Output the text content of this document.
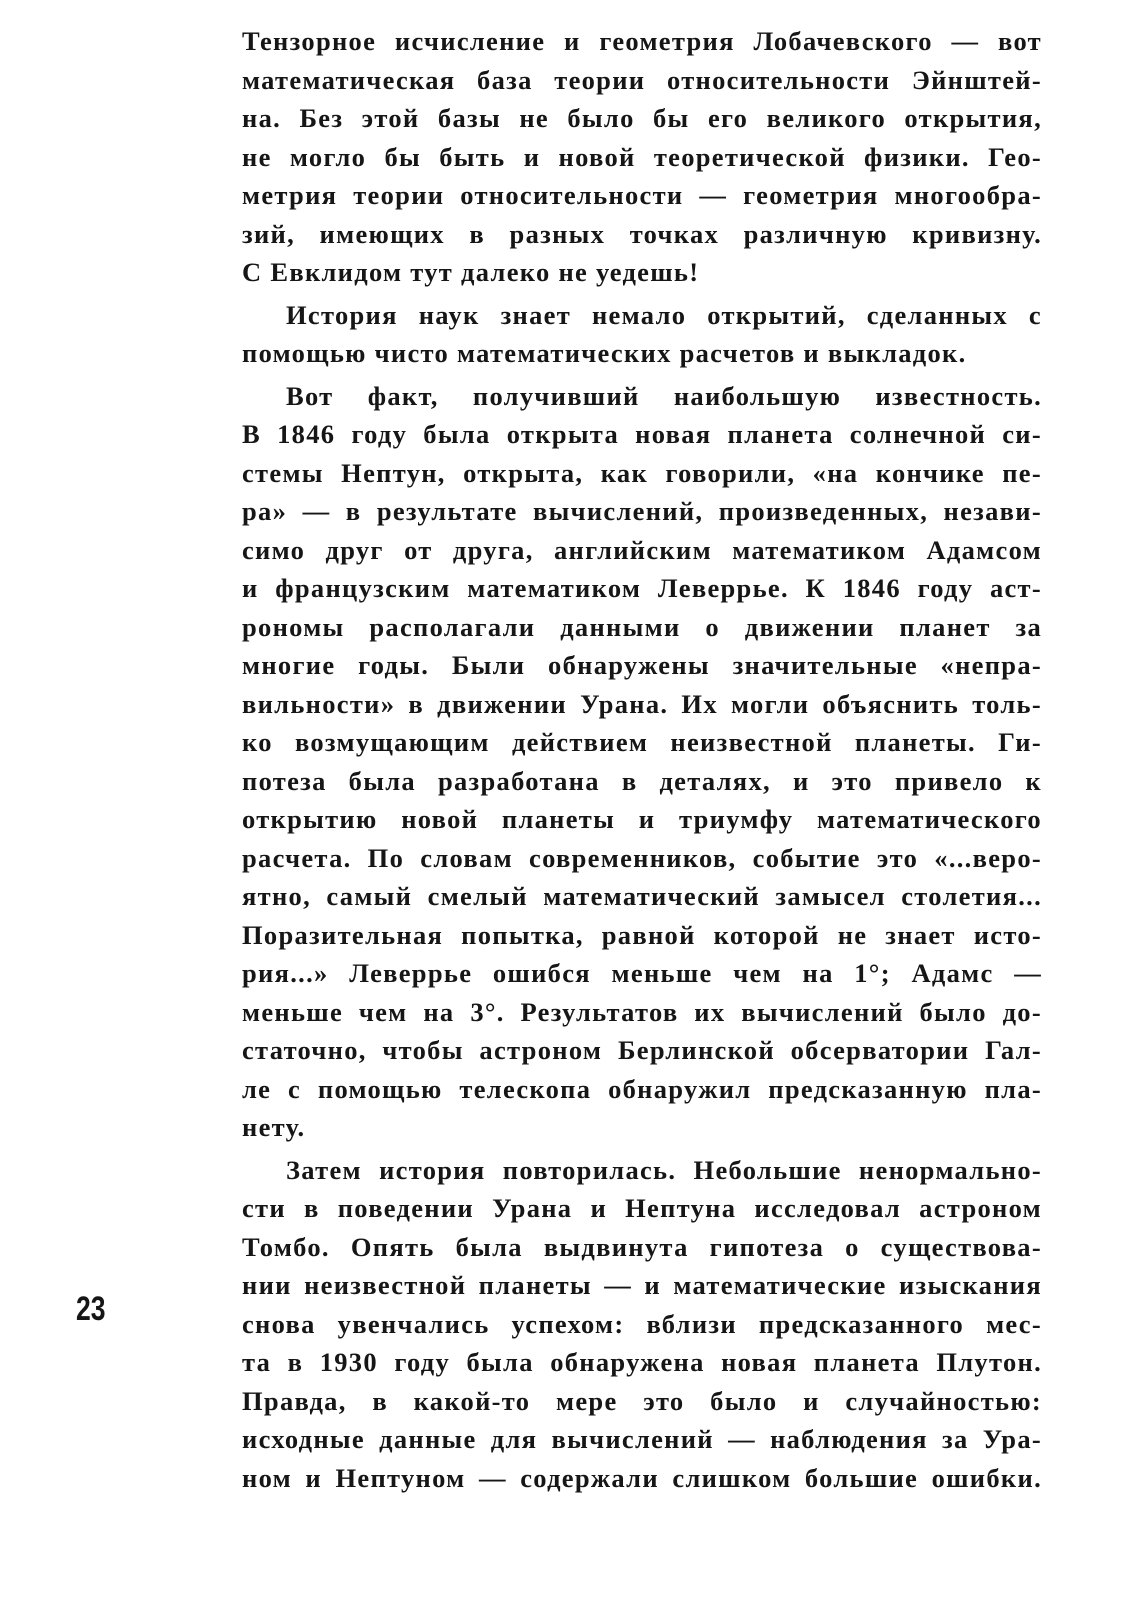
Тензорное исчисление и геометрия Лобачевского — вот
математическая база теории относительности Эйнштей-
на. Без этой базы не было бы его великого открытия,
не могло бы быть и новой теоретической физики. Гео-
метрия теории относительности — геометрия многообра-
зий, имеющих в разных точках различную кривизну.
С Евклидом тут далеко не уедешь!
История наук знает немало открытий, сделанных с
помощью чисто математических расчетов и выкладок.
Вот факт, получивший наибольшую известность.
В 1846 году была открыта новая планета солнечной си-
стемы Нептун, открыта, как говорили, «на кончике пе-
ра» — в результате вычислений, произведенных, незави-
симо друг от друга, английским математиком Адамсом
и французским математиком Леверрье. К 1846 году аст-
рономы располагали данными о движении планет за
многие годы. Были обнаружены значительные «непра-
вильности» в движении Урана. Их могли объяснить толь-
ко возмущающим действием неизвестной планеты. Ги-
потеза была разработана в деталях, и это привело к
открытию новой планеты и триумфу математического
расчета. По словам современников, событие это «...веро-
ятно, самый смелый математический замысел столетия...
Поразительная попытка, равной которой не знает исто-
рия...» Леверрье ошибся меньше чем на 1°; Адамс —
меньше чем на 3°. Результатов их вычислений было до-
статочно, чтобы астроном Берлинской обсерватории Гал-
ле с помощью телескопа обнаружил предсказанную пла-
нету.
Затем история повторилась. Небольшие ненормально-
сти в поведении Урана и Нептуна исследовал астроном
Томбо. Опять была выдвинута гипотеза о существова-
нии неизвестной планеты — и математические изыскания
снова увенчались успехом: вблизи предсказанного мес-
та в 1930 году была обнаружена новая планета Плутон.
Правда, в какой-то мере это было и случайностью:
исходные данные для вычислений — наблюдения за Ура-
ном и Нептуном — содержали слишком большие ошибки.
23
